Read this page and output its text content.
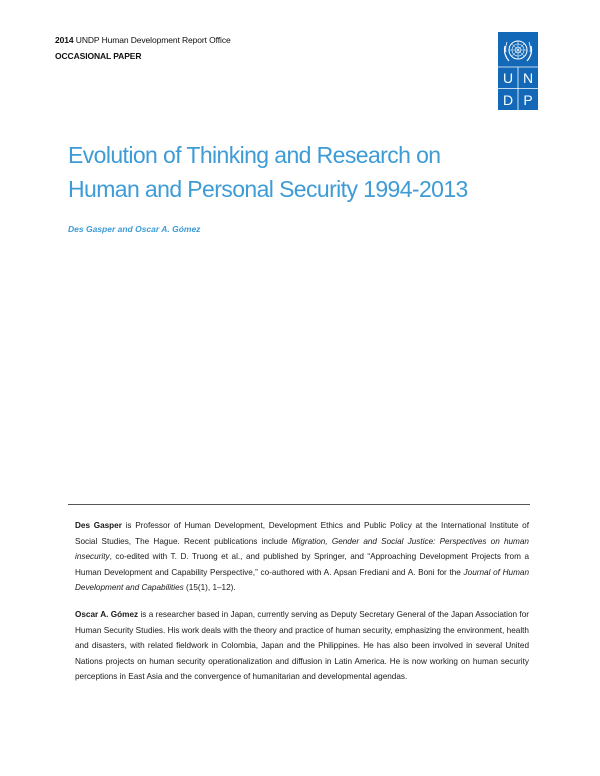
2014 UNDP Human Development Report Office
OCCASIONAL PAPER
U N
D P
Evolution of Thinking and Research on
Human and Personal Security 1994-2013
Des Gasper and Oscar A. Gómez

Des Gasper is Professor of Human Development, Development Ethics and Public Policy at the International Institute of Social Studies, The Hague. Recent publications include Migration, Gender and Social Justice: Perspectives on human insecurity, co-edited with T. D. Truong et al., and published by Springer, and “Approaching Development Projects from a Human Development and Capability Perspective,” co-authored with A. Apsan Frediani and A. Boni for the Journal of Human Development and Capabilities (15(1), 1–12).

Oscar A. Gómez is a researcher based in Japan, currently serving as Deputy Secretary General of the Japan Association for Human Security Studies. His work deals with the theory and practice of human security, emphasizing the environment, health and disasters, with related fieldwork in Colombia, Japan and the Philippines. He has also been involved in several United Nations projects on human security operationalization and diffusion in Latin America. He is now working on human security perceptions in East Asia and the convergence of humanitarian and developmental agendas.
